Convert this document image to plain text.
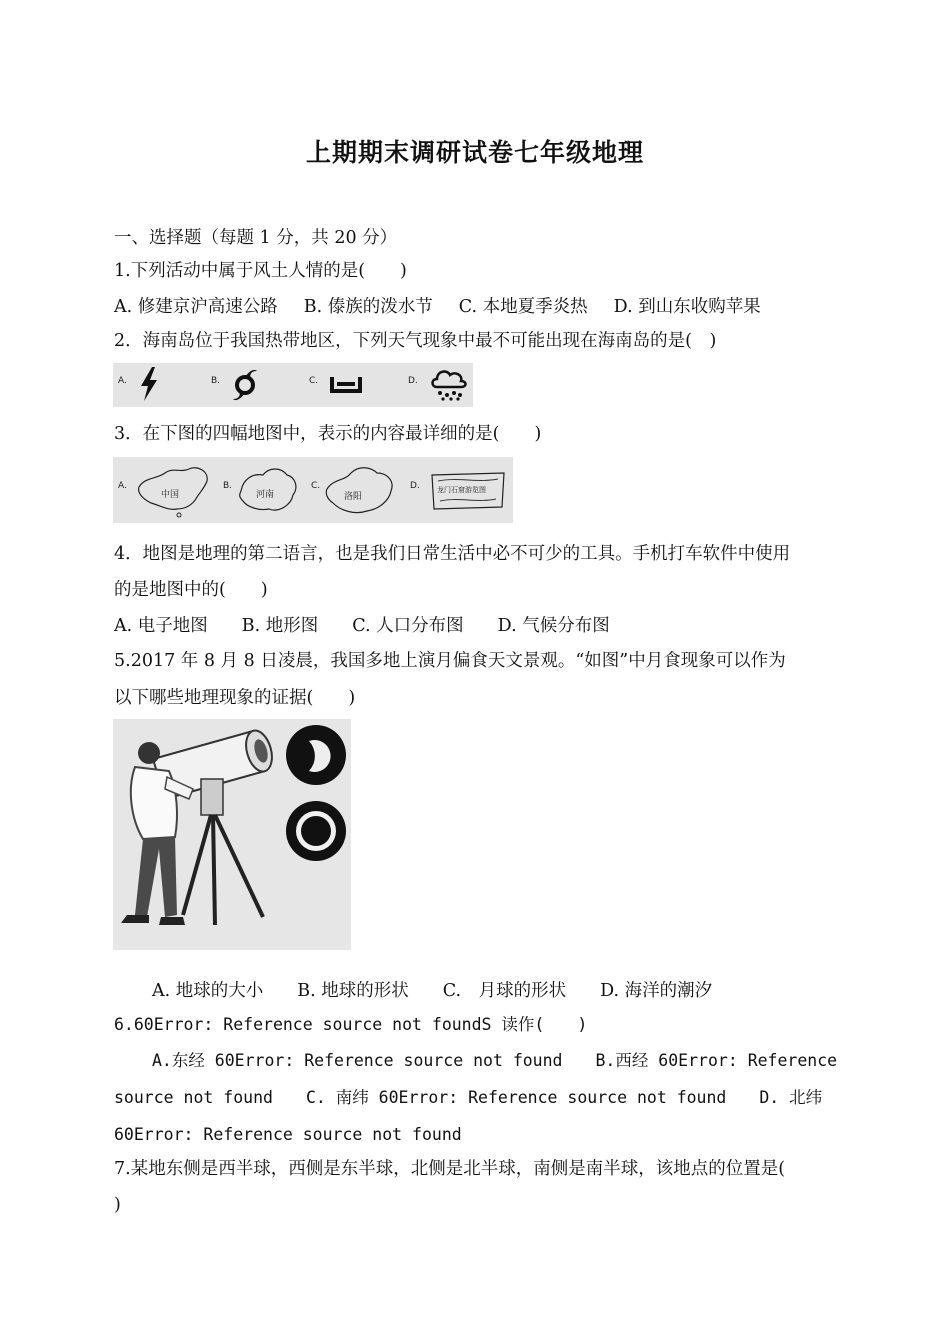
上期期末调研试卷七年级地理
一、选择题（每题 1 分，共 20 分）
1.下列活动中属于风土人情的是(　　)
A. 修建京沪高速公路 B. 傣族的泼水节 C. 本地夏季炎热 D. 到山东收购苹果
2．海南岛位于我国热带地区，下列天气现象中最不可能出现在海南岛的是(　)
A.	B.	C.	D.
3．在下图的四幅地图中，表示的内容最详细的是(　　)
A.	B.	C.	D.
中国	河南	洛阳
龙门石窟游览图
4．地图是地理的第二语言，也是我们日常生活中必不可少的工具。手机打车软件中使用
的是地图中的(　　)
A. 电子地图 B. 地形图 C. 人口分布图 D. 气候分布图
5.2017 年 8 月 8 日凌晨，我国多地上演月偏食天文景观。“如图”中月食现象可以作为
以下哪些地理现象的证据(　　)
A. 地球的大小 B. 地球的形状 C.　月球的形状 D. 海洋的潮汐
6.60Error: Reference source not foundS 读作(　　)
A.东经 60Error: Reference source not found　　B.西经 60Error: Reference
source not found　　C. 南纬 60Error: Reference source not found　　D. 北纬
60Error: Reference source not found
7.某地东侧是西半球，西侧是东半球，北侧是北半球，南侧是南半球，该地点的位置是(
)
